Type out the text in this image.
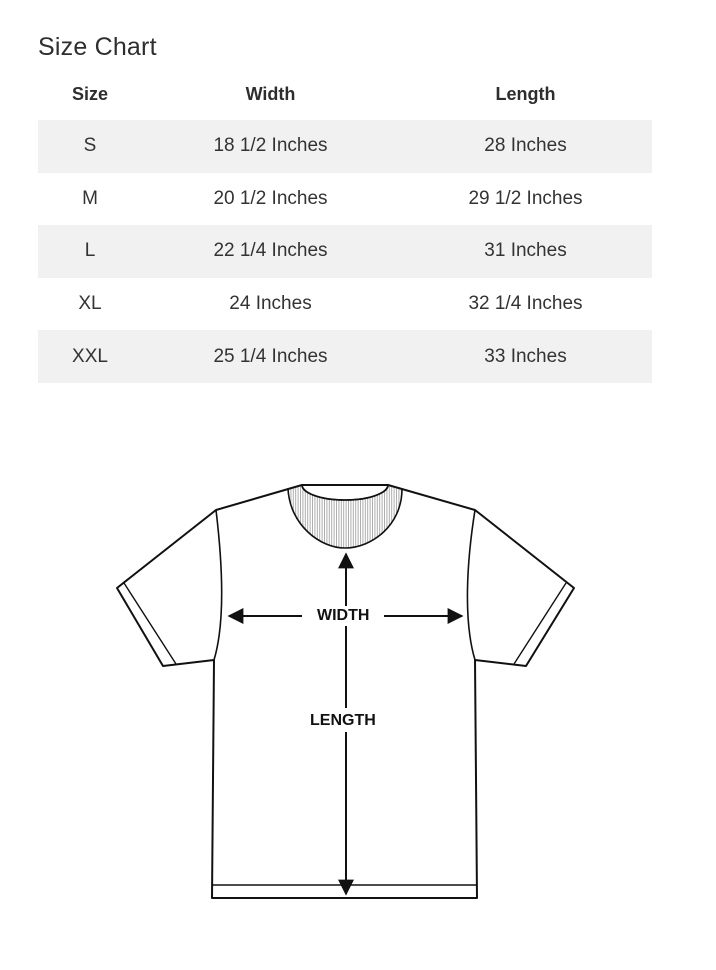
Size Chart
Size	Width	Length
S	18 1/2 Inches	28 Inches
M	20 1/2 Inches	29 1/2 Inches
L	22 1/4 Inches	31 Inches
XL	24 Inches	32 1/4 Inches
XXL	25 1/4 Inches	33 Inches
WIDTH
LENGTH
